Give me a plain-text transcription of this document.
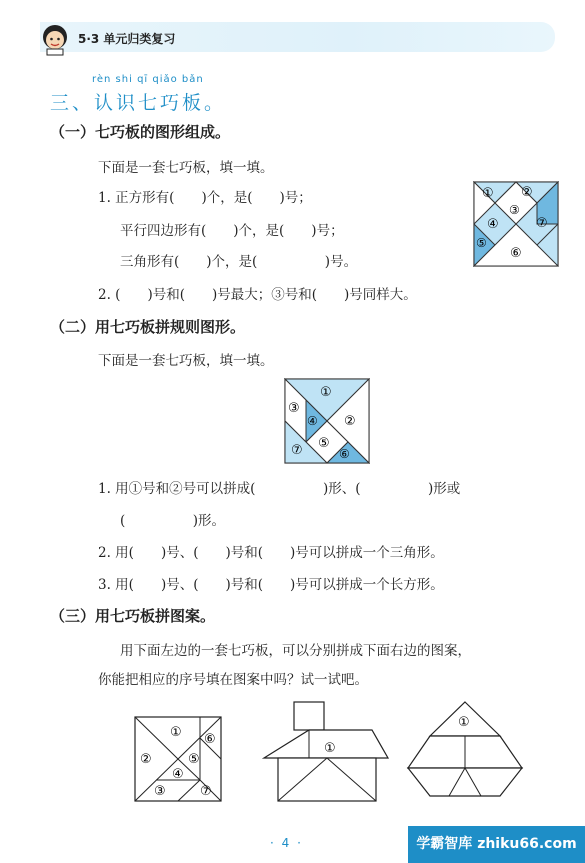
5·3 单元归类复习
rèn shi qī qiǎo bǎn
三、认识七巧板。
（一）七巧板的图形组成。
下面是一套七巧板，填一填。
1. 正方形有(　　)个，是(　　)号；
平行四边形有(　　)个，是(　　)号；
三角形有(　　)个，是(　　　　　)号。
2. (　　)号和(　　)号最大；③号和(　　)号同样大。
① ②
③
④
⑤
⑥
⑦
（二）用七巧板拼规则图形。
下面是一套七巧板，填一填。
①
②
③
④
⑤
⑥
⑦
1. 用①号和②号可以拼成(　　　　　)形、(　　　　　)形或
(　　　　　)形。
2. 用(　　)号、(　　)号和(　　)号可以拼成一个三角形。
3. 用(　　)号、(　　)号和(　　)号可以拼成一个长方形。
（三）用七巧板拼图案。
用下面左边的一套七巧板，可以分别拼成下面右边的图案，
你能把相应的序号填在图案中吗？试一试吧。
①
②
③
④
⑤
⑥
⑦
①
①
· 4 ·	学霸智库 zhiku66.com
